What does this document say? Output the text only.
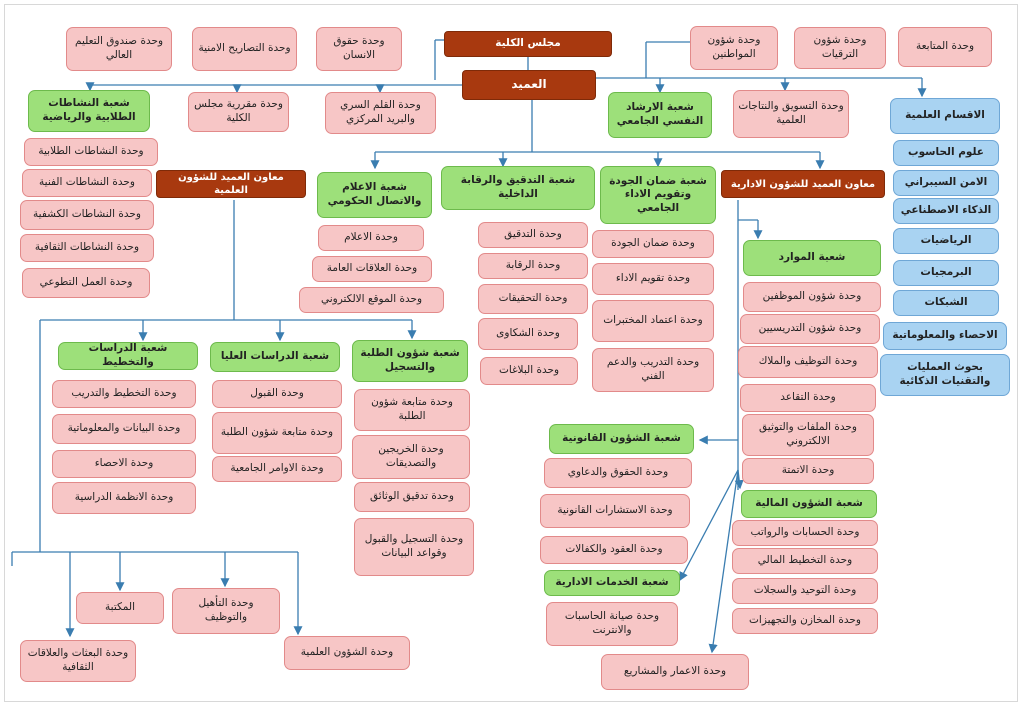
مجلس الكلية
العميد
وحدة صندوق التعليم العالي
وحدة التصاريح الامنية
وحدة حقوق الانسان
وحدة شؤون المواطنين
وحدة شؤون الترقيات
وحدة المتابعة
شعبة النشاطات الطلابية والرياضية
وحدة مقررية مجلس الكلية
وحدة القلم السري والبريد المركزي
شعبة الارشاد النفسي الجامعي
وحدة التسويق والنتاجات العلمية
وحدة النشاطات الطلابية
وحدة النشاطات الفنية
وحدة النشاطات الكشفية
وحدة النشاطات الثقافية
وحدة العمل التطوعي
الاقسام العلمية
علوم الحاسوب
الامن السيبراني
الذكاء الاصطناعي
الرياضيات
البرمجيات
الشبكات
الاحصاء والمعلوماتية
بحوث العمليات والتقنيات الذكائية
معاون العميد للشؤون العلمية
معاون العميد للشؤون الادارية
شعبة الاعلام والاتصال الحكومي
وحدة الاعلام
وحدة العلاقات العامة
وحدة الموقع الالكتروني
شعبة التدقيق والرقابة الداخلية
وحدة التدقيق
وحدة الرقابة
وحدة التحقيقات
وحدة الشكاوى
وحدة البلاغات
شعبة ضمان الجودة وتقويم الاداء الجامعي
وحدة ضمان الجودة
وحدة تقويم الاداء
وحدة اعتماد المختبرات
وحدة التدريب والدعم الفني
شعبة الدراسات والتخطيط
وحدة التخطيط والتدريب
وحدة البيانات والمعلوماتية
وحدة الاحصاء
وحدة الانظمة الدراسية
شعبة الدراسات العليا
وحدة القبول
وحدة متابعة شؤون الطلبة
وحدة الاوامر الجامعية
شعبة شؤون الطلبة والتسجيل
وحدة متابعة شؤون الطلبة
وحدة الخريجين والتصديقات
وحدة تدقيق الوثائق
وحدة التسجيل والقبول وقواعد البيانات
المكتبة	وحدة التأهيل والتوظيف
وحدة البعثات والعلاقات الثقافية
وحدة الشؤون العلمية
شعبة الموارد
وحدة شؤون الموظفين
وحدة شؤون التدريسيين
وحدة التوظيف والملاك
وحدة التقاعد
وحدة الملفات والتوثيق الالكتروني
وحدة الاتمتة
شعبة الشؤون القانونية
وحدة الحقوق والدعاوي
وحدة الاستشارات القانونية
وحدة العقود والكفالات
شعبة الخدمات الادارية
وحدة صيانة الحاسبات والانترنت
وحدة الاعمار والمشاريع
شعبة الشؤون المالية
وحدة الحسابات والرواتب
وحدة التخطيط المالي
وحدة التوحيد والسجلات
وحدة المخازن والتجهيزات
